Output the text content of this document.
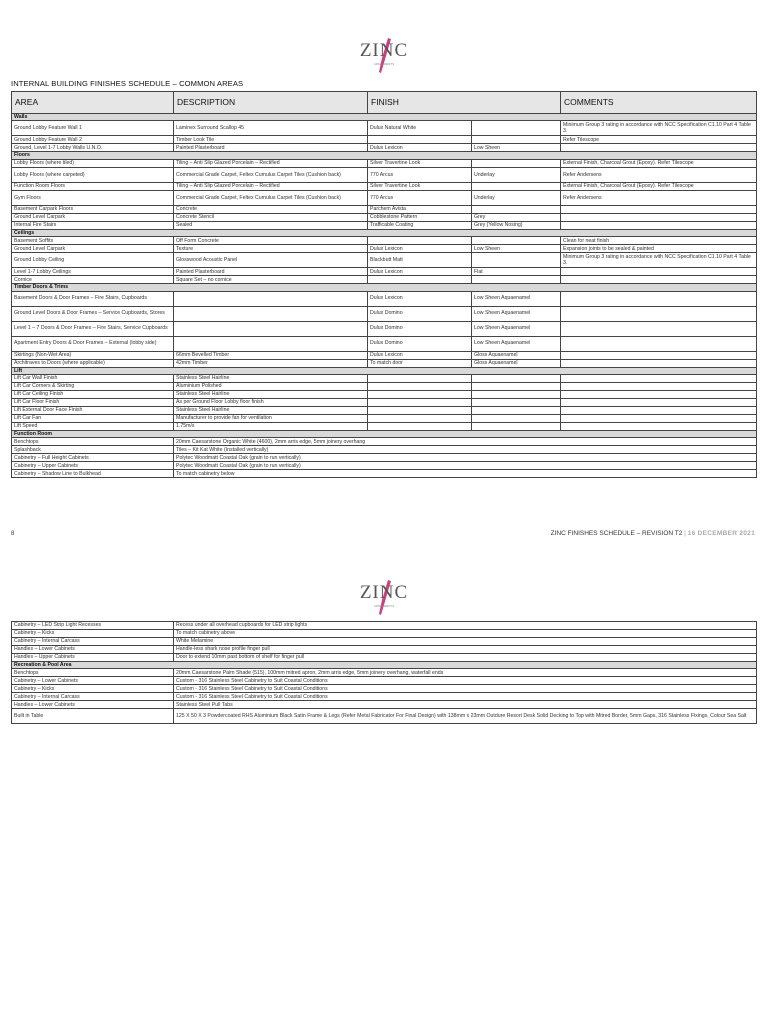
ZINC
APARTMENTS
INTERNAL BUILDING FINISHES SCHEDULE – COMMON AREAS
AREA	DESCRIPTION	FINISH		COMMENTS
Walls				
Ground Lobby Feature Wall 1	Laminex Surround Scallop 45	Dulux Natural White		Minimum Group 3 rating in accordance with NCC Specification C1.10 Part 4 Table 3.
Ground Lobby Feature Wall 2	Timber Look Tile			Refer Tilescope
Ground, Level 1-7 Lobby Walls U.N.O.	Painted Plasterboard	Dulux Lexicon	Low Sheen	
Floors				
Lobby Floors (where tiled)	Tiling – Anti Slip Glazed Porcelain – Rectified	Silver Travertine Look		External Finish, Charcoal Grout (Epoxy). Refer Tilescope
Lobby Floors (where carpeted)	Commercial Grade Carpet, Feltex Cumulus Carpet Tiles (Cushion back)	770 Arcus	Underlay	Refer Andersens
Function Room Floors	Tiling – Anti Slip Glazed Porcelain – Rectified	Silver Travertine Look		External Finish, Charcoal Grout (Epoxy). Refer Tilescope
Gym Floors	Commercial Grade Carpet, Feltex Cumulus Carpet Tiles (Cushion back)	770 Arcus	Underlay	Refer Andersens
Basement Carpark Floors	Concrete	Parchem Avista		
Ground Level Carpark	Concrete Stencil	Cobblestone Pattern	Grey	
Internal Fire Stairs	Sealed	Trafficable Coating	Grey (Yellow Nosing)	
Ceilings				
Basement Soffits	Off Form Concrete			Clean for neat finish
Ground Level Carpark	Texture	Dulux Lexicon	Low Sheen	Expansion joints to be sealed & painted
Ground Lobby Ceiling	Glosswood Acoustic Panel	Blackbutt Matt		Minimum Group 3 rating in accordance with NCC Specification C1.10 Part 4 Table 3.
Level 1-7 Lobby Ceilings	Painted Plasterboard	Dulux Lexicon	Flat	
Cornice	Square Set – no cornice			
Timber Doors & Trims				
Basement Doors & Door Frames – Fire Stairs, Cupboards		Dulux Lexicon	Low Sheen Aquaenamel	
Ground Level Doors & Door Frames – Service Cupboards, Stores		Dulux Domino	Low Sheen Aquaenamel	
Level 1 – 7 Doors & Door Frames – Fire Stairs, Service Cupboards		Dulux Domino	Low Sheen Aquaenamel	
Apartment Entry Doors & Door Frames – External (lobby side)		Dulux Domino	Low Sheen Aquaenamel	
Skirtings (Non-Wet Area)	66mm Bevelled Timber	Dulux Lexicon	Gloss Aquaenamel	
Architraves to Doors (where applicable)	42mm Timber	To match door	Gloss Aquaenamel	
Lift				
Lift Car Wall Finish	Stainless Steel Hairline			
Lift Car Corners & Skirting	Aluminium Polished			
Lift Car Ceiling Finish	Stainless Steel Hairline			
Lift Car Floor Finish	As per Ground Floor Lobby floor finish			
Lift External Door Face Finish	Stainless Steel Hairline			
Lift Car Fan	Manufacturer to provide fan for ventilation			
Lift Speed	1.75m/s			
Function Room				
Benchtops	20mm Caesarstone Organic White (4600), 2mm arris edge, 5mm joinery overhang			
Splashback	Tiles – Kit Kat White (Installed vertically)			
Cabinetry – Full Height Cabinets	Polytec Woodmatt Coastal Oak (grain to run vertically)			
Cabinetry – Upper Cabinets	Polytec Woodmatt Coastal Oak (grain to run vertically)			
Cabinetry – Shadow Line to Bulkhead	To match cabinetry below			
8	ZINC FINISHES SCHEDULE – REVISION T2 | 16 DECEMBER 2021
ZINC
APARTMENTS
Cabinetry – LED Strip Light Recesses	Recess under all overhead cupboards for LED strip lights
Cabinetry – Kicks	To match cabinetry above
Cabinetry – Internal Carcass	White Melamine
Handles – Lower Cabinets	Handle-less shark nose profile finger pull
Handles – Upper Cabinets	Door to extend 10mm past bottom of shelf for finger pull
Recreation & Pool Area	
Benchtops	20mm Caesarstone Palm Shade (515), 100mm mitred apron, 2mm arris edge, 5mm joinery overhang, waterfall ends
Cabinetry – Lower Cabinets	Custom - 316 Stainless Steel Cabinetry to Suit Coastal Conditions
Cabinetry – Kicks	Custom - 316 Stainless Steel Cabinetry to Suit Coastal Conditions
Cabinetry – Internal Carcass	Custom - 316 Stainless Steel Cabinetry to Suit Coastal Conditions
Handles – Lower Cabinets	Stainless Steel Pull Tabs
Built in Table	125 X 50 X 3 Powdercoated RHS Aluminium Black Satin Frame & Legs (Refer Metal Fabricator For Final Design) with 138mm x 23mm Outdure Resort Desk Solid Decking to Top with Mitred Border, 5mm Gaps, 316 Stainless Fixings, Colour Sea Salt
